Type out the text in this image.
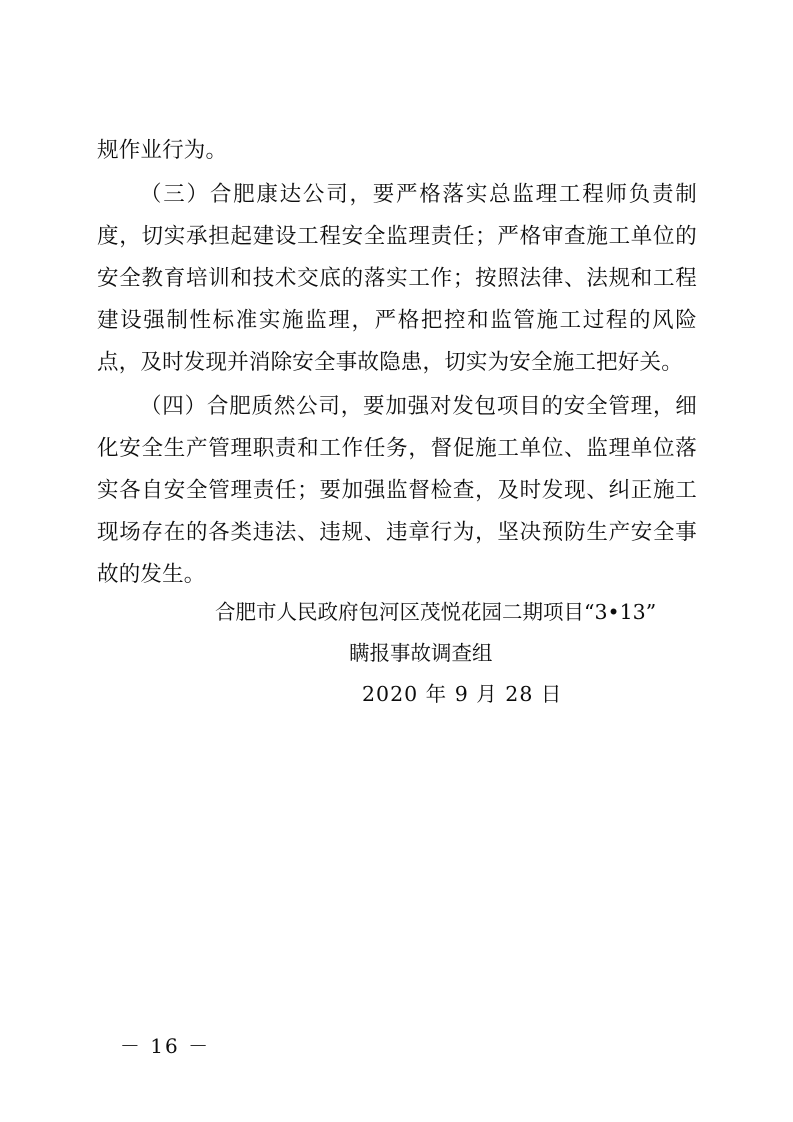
规作业行为。

（三）合肥康达公司，要严格落实总监理工程师负责制度，切实承担起建设工程安全监理责任；严格审查施工单位的安全教育培训和技术交底的落实工作；按照法律、法规和工程建设强制性标准实施监理，严格把控和监管施工过程的风险点，及时发现并消除安全事故隐患，切实为安全施工把好关。

（四）合肥质然公司，要加强对发包项目的安全管理，细化安全生产管理职责和工作任务，督促施工单位、监理单位落实各自安全管理责任；要加强监督检查，及时发现、纠正施工现场存在的各类违法、违规、违章行为，坚决预防生产安全事故的发生。

合肥市人民政府包河区茂悦花园二期项目“3•13”
瞒报事故调查组
2020 年 9 月 28 日
－ 16 －
